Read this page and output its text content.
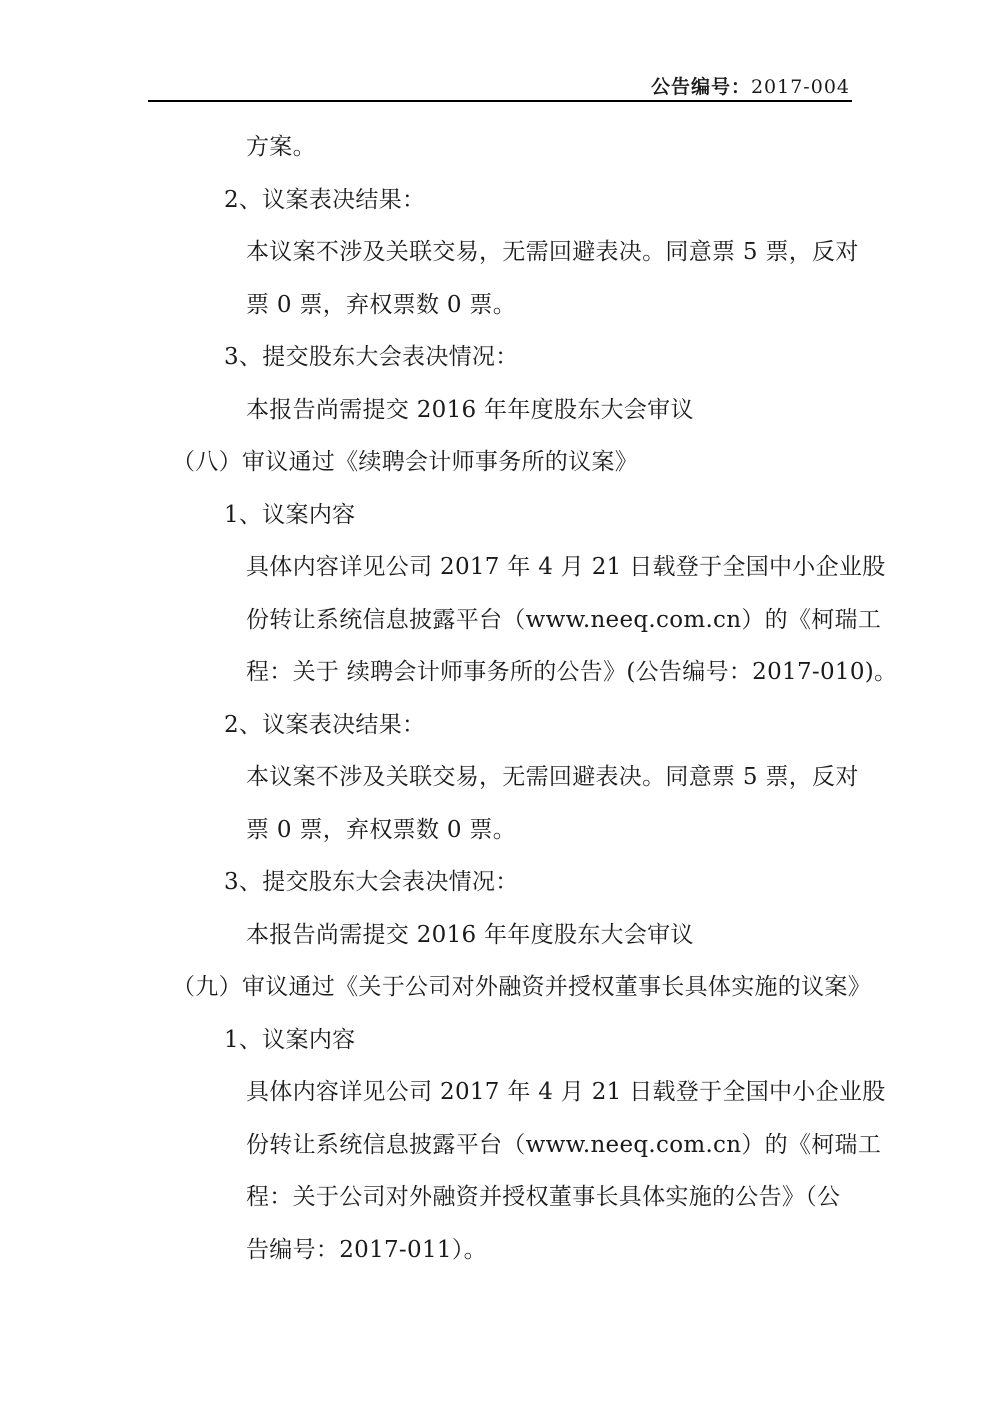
公告编号：2017-004
方案。
2、议案表决结果：
本议案不涉及关联交易，无需回避表决。同意票 5 票，反对
票 0 票，弃权票数 0 票。
3、提交股东大会表决情况：
本报告尚需提交 2016 年年度股东大会审议
（八）审议通过《续聘会计师事务所的议案》
1、议案内容
具体内容详见公司 2017 年 4 月 21 日载登于全国中小企业股
份转让系统信息披露平台（www.neeq.com.cn）的《柯瑞工
程：关于 续聘会计师事务所的公告》(公告编号：2017-010)。
2、议案表决结果：
本议案不涉及关联交易，无需回避表决。同意票 5 票，反对
票 0 票，弃权票数 0 票。
3、提交股东大会表决情况：
本报告尚需提交 2016 年年度股东大会审议
（九）审议通过《关于公司对外融资并授权董事长具体实施的议案》
1、议案内容
具体内容详见公司 2017 年 4 月 21 日载登于全国中小企业股
份转让系统信息披露平台（www.neeq.com.cn）的《柯瑞工
程：关于公司对外融资并授权董事长具体实施的公告》（公
告编号：2017-011）。
